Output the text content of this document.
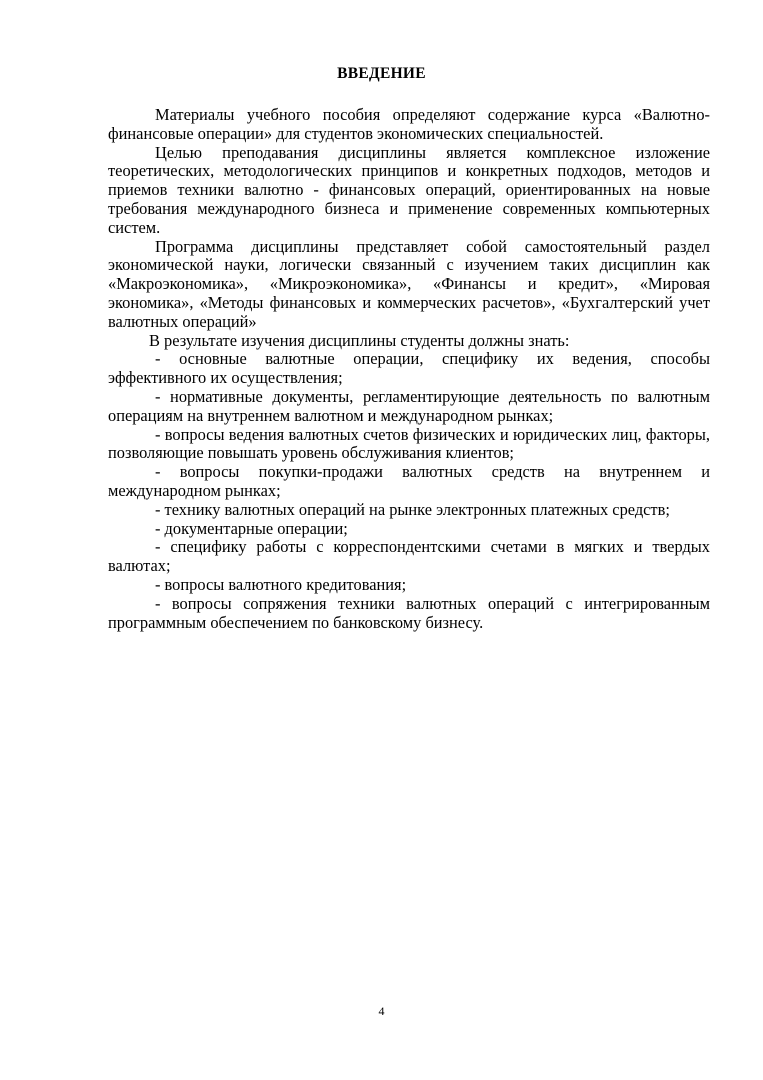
ВВЕДЕНИЕ

Материалы учебного пособия определяют содержание курса «Валютно-финансовые операции» для студентов экономических специальностей.

Целью преподавания дисциплины является комплексное изложение теоретических, методологических принципов и конкретных подходов, методов и приемов техники валютно - финансовых операций, ориентированных на новые требования международного бизнеса и применение современных компьютерных систем.

Программа дисциплины представляет собой самостоятельный раздел экономической науки, логически связанный с изучением таких дисциплин как «Макроэкономика», «Микроэкономика», «Финансы и кредит», «Мировая экономика», «Методы финансовых и коммерческих расчетов», «Бухгалтерский учет валютных операций»

В результате изучения дисциплины студенты должны знать:

- основные валютные операции, специфику их ведения, способы эффективного их осуществления;

- нормативные документы, регламентирующие деятельность по валютным операциям на внутреннем валютном и международном рынках;

- вопросы ведения валютных счетов физических и юридических лиц, факторы, позволяющие повышать уровень обслуживания клиентов;

- вопросы покупки-продажи валютных средств на внутреннем и международном рынках;

- технику валютных операций на рынке электронных платежных средств;

- документарные операции;

- специфику работы с корреспондентскими счетами в мягких и твердых валютах;

- вопросы валютного кредитования;

- вопросы сопряжения техники валютных операций с интегрированным программным обеспечением по банковскому бизнесу.

4
